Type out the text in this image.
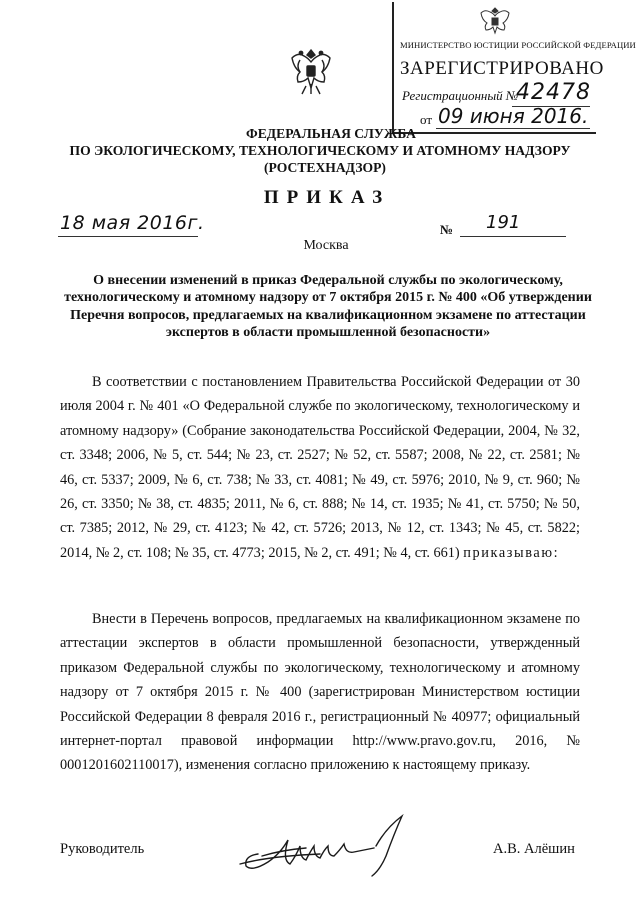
МИНИСТЕРСТВО ЮСТИЦИИ РОССИЙСКОЙ ФЕДЕРАЦИИ
ЗАРЕГИСТРИРОВАНО
Регистрационный №
42478
от 09 июня 2016.
ФЕДЕРАЛЬНАЯ СЛУЖБА
ПО ЭКОЛОГИЧЕСКОМУ, ТЕХНОЛОГИЧЕСКОМУ И АТОМНОМУ НАДЗОРУ
(РОСТЕХНАДЗОР)
ПРИКАЗ
18 мая 2016г.	№ 191
Москва
О внесении изменений в приказ Федеральной службы по экологическому, технологическому и атомному надзору от 7 октября 2015 г. № 400 «Об утверждении Перечня вопросов, предлагаемых на квалификационном экзамене по аттестации экспертов в области промышленной безопасности»
В соответствии с постановлением Правительства Российской Федерации от 30 июля 2004 г. № 401 «О Федеральной службе по экологическому, технологическому и атомному надзору» (Собрание законодательства Российской Федерации, 2004, № 32, ст. 3348; 2006, № 5, ст. 544; № 23, ст. 2527; № 52, ст. 5587; 2008, № 22, ст. 2581; № 46, ст. 5337; 2009, № 6, ст. 738; № 33, ст. 4081; № 49, ст. 5976; 2010, № 9, ст. 960; № 26, ст. 3350; № 38, ст. 4835; 2011, № 6, ст. 888; № 14, ст. 1935; № 41, ст. 5750; № 50, ст. 7385; 2012, № 29, ст. 4123; № 42, ст. 5726; 2013, № 12, ст. 1343; № 45, ст. 5822; 2014, № 2, ст. 108; № 35, ст. 4773; 2015, № 2, ст. 491; № 4, ст. 661) приказываю:
Внести в Перечень вопросов, предлагаемых на квалификационном экзамене по аттестации экспертов в области промышленной безопасности, утвержденный приказом Федеральной службы по экологическому, технологическому и атомному надзору от 7 октября 2015 г. № 400 (зарегистрирован Министерством юстиции Российской Федерации 8 февраля 2016 г., регистрационный № 40977; официальный интернет-портал правовой информации http://www.pravo.gov.ru, 2016, № 0001201602110017), изменения согласно приложению к настоящему приказу.
Руководитель	А.В. Алёшин
